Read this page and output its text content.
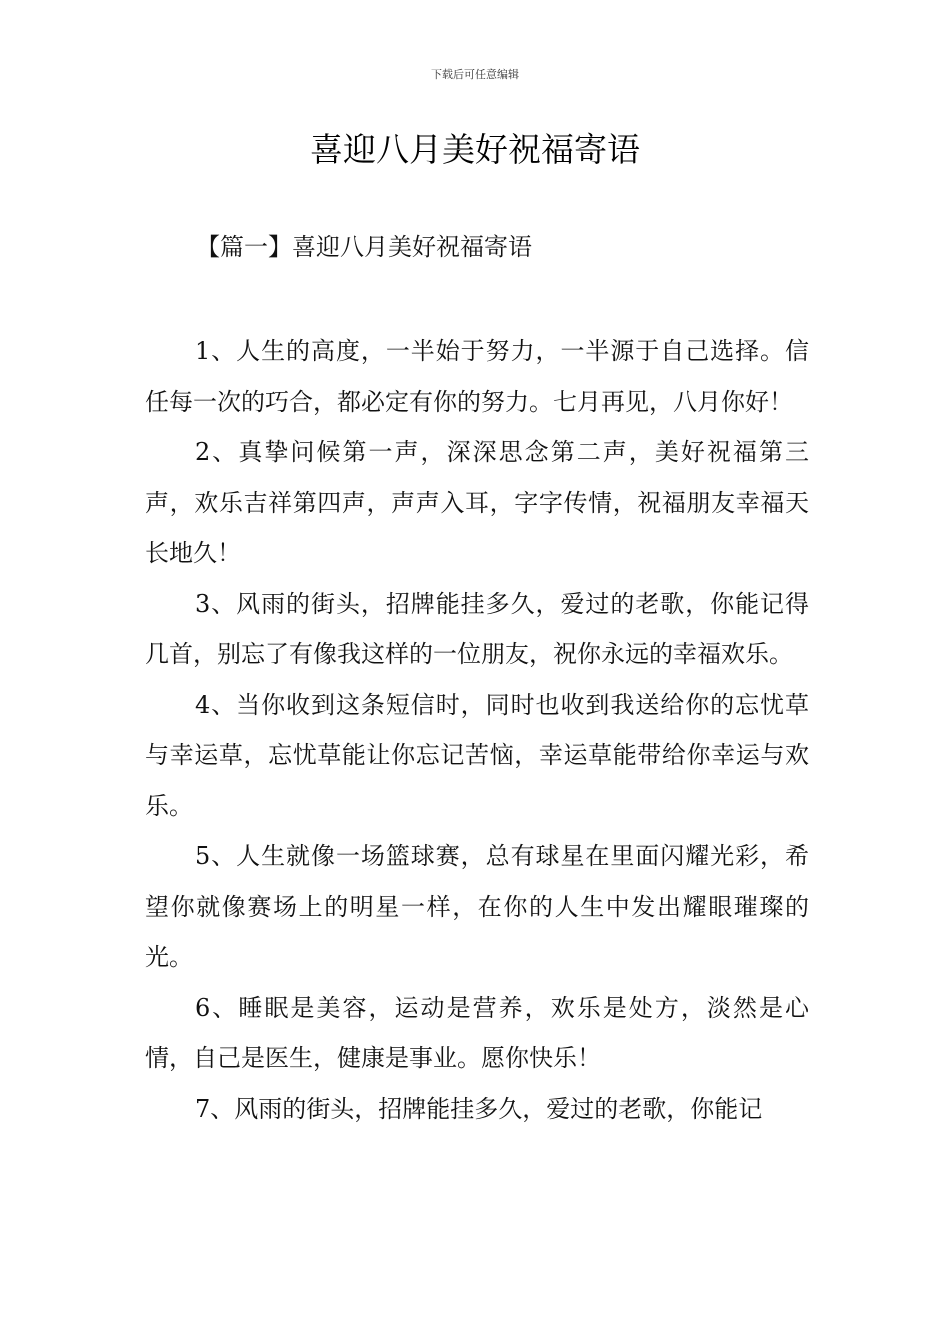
下载后可任意编辑
喜迎八月美好祝福寄语
【篇一】喜迎八月美好祝福寄语

1、人生的高度，一半始于努力，一半源于自己选择。信任每一次的巧合，都必定有你的努力。七月再见，八月你好！

2、真挚问候第一声，深深思念第二声，美好祝福第三声，欢乐吉祥第四声，声声入耳，字字传情，祝福朋友幸福天长地久！

3、风雨的街头，招牌能挂多久，爱过的老歌，你能记得几首，别忘了有像我这样的一位朋友，祝你永远的幸福欢乐。

4、当你收到这条短信时，同时也收到我送给你的忘忧草与幸运草，忘忧草能让你忘记苦恼，幸运草能带给你幸运与欢乐。

5、人生就像一场篮球赛，总有球星在里面闪耀光彩，希望你就像赛场上的明星一样，在你的人生中发出耀眼璀璨的光。

6、睡眠是美容，运动是营养，欢乐是处方，淡然是心情，自己是医生，健康是事业。愿你快乐！

7、风雨的街头，招牌能挂多久，爱过的老歌，你能记
